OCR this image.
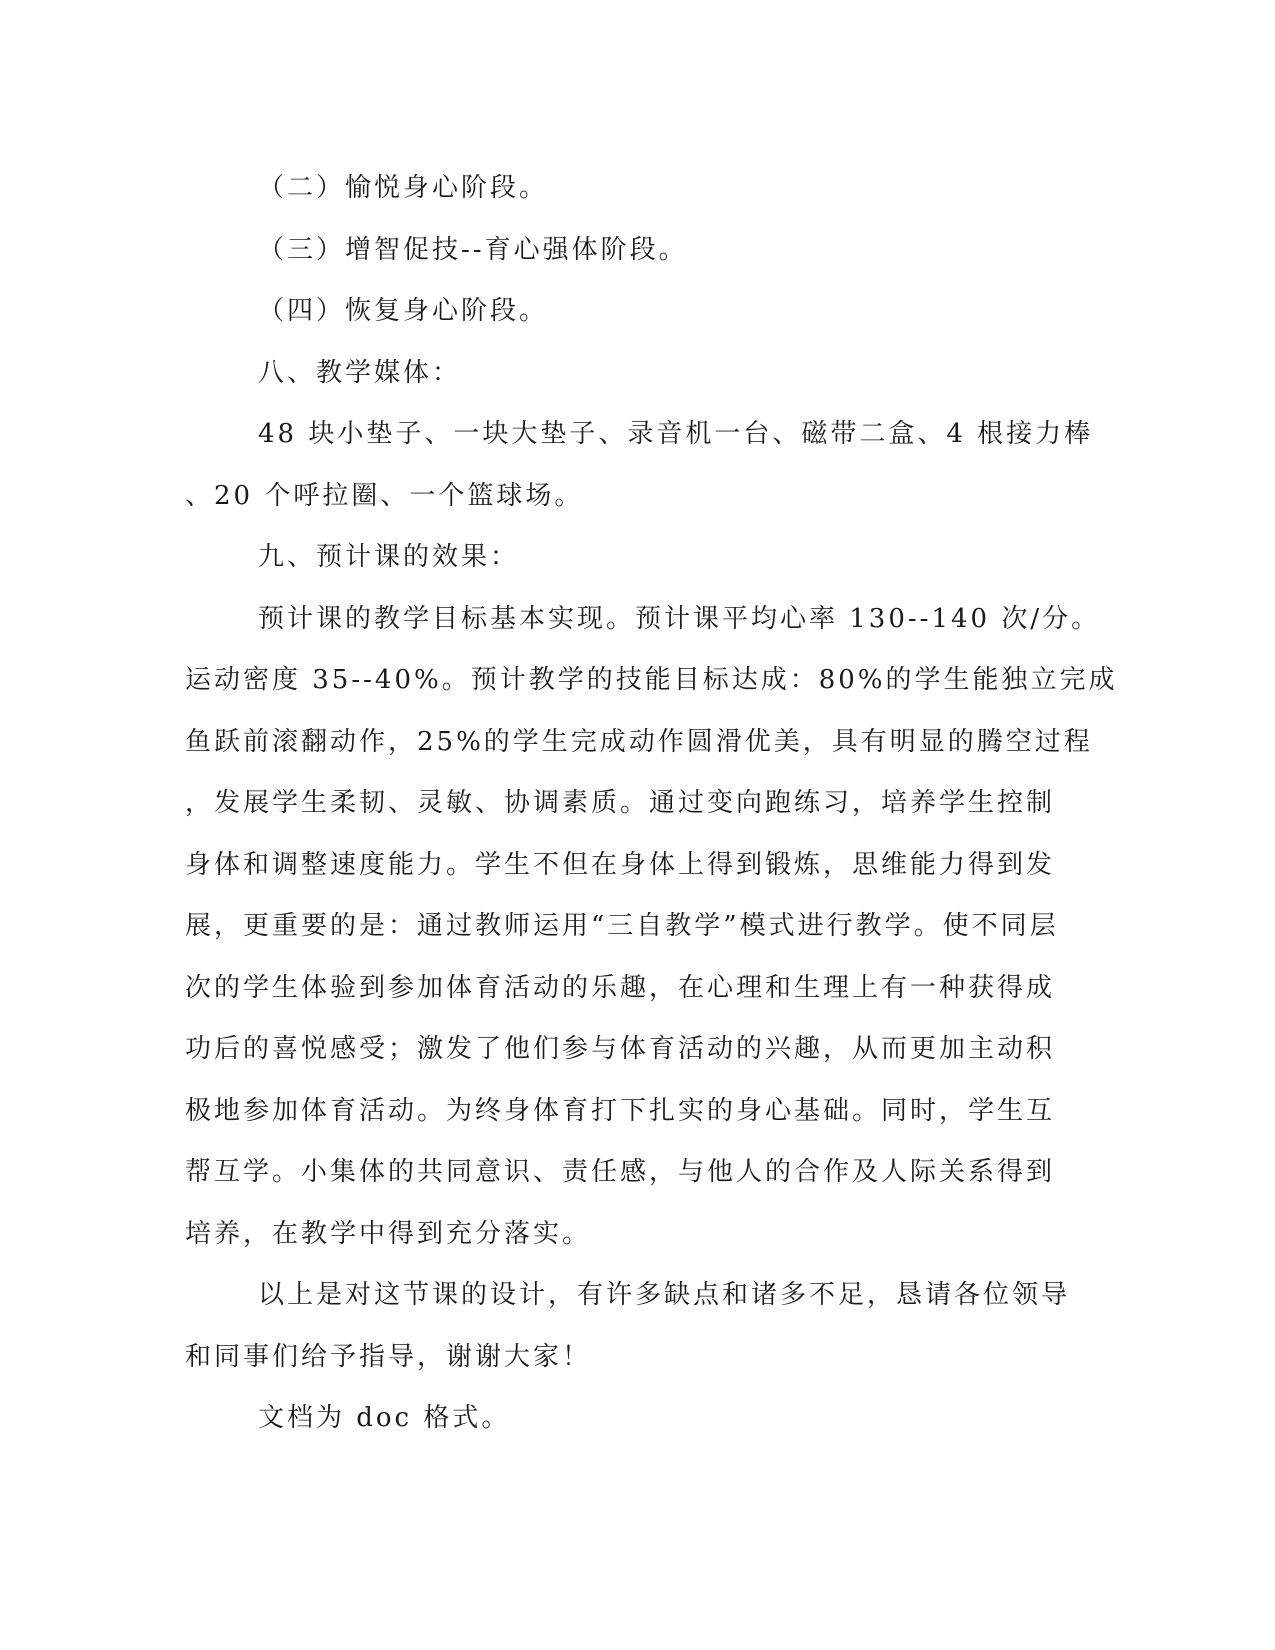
（二）愉悦身心阶段。
（三）增智促技--育心强体阶段。
（四）恢复身心阶段。
八、教学媒体：
48 块小垫子、一块大垫子、录音机一台、磁带二盒、4 根接力棒
、20 个呼拉圈、一个篮球场。
九、预计课的效果：
预计课的教学目标基本实现。预计课平均心率 130--140 次/分。
运动密度 35--40%。预计教学的技能目标达成：80%的学生能独立完成
鱼跃前滚翻动作，25%的学生完成动作圆滑优美，具有明显的腾空过程
，发展学生柔韧、灵敏、协调素质。通过变向跑练习，培养学生控制
身体和调整速度能力。学生不但在身体上得到锻炼，思维能力得到发
展，更重要的是：通过教师运用“三自教学”模式进行教学。使不同层
次的学生体验到参加体育活动的乐趣，在心理和生理上有一种获得成
功后的喜悦感受；激发了他们参与体育活动的兴趣，从而更加主动积
极地参加体育活动。为终身体育打下扎实的身心基础。同时，学生互
帮互学。小集体的共同意识、责任感，与他人的合作及人际关系得到
培养，在教学中得到充分落实。
以上是对这节课的设计，有许多缺点和诸多不足，恳请各位领导
和同事们给予指导，谢谢大家！
文档为 doc 格式。
